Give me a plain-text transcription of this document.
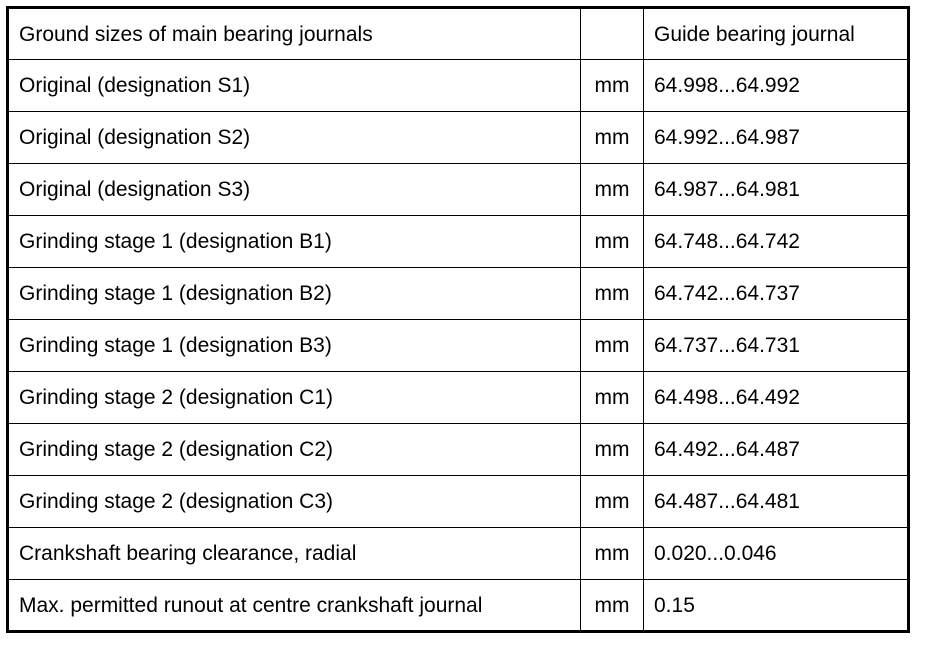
Ground sizes of main bearing journals		Guide bearing journal
Original (designation S1)	mm	64.998...64.992
Original (designation S2)	mm	64.992...64.987
Original (designation S3)	mm	64.987...64.981
Grinding stage 1 (designation B1)	mm	64.748...64.742
Grinding stage 1 (designation B2)	mm	64.742...64.737
Grinding stage 1 (designation B3)	mm	64.737...64.731
Grinding stage 2 (designation C1)	mm	64.498...64.492
Grinding stage 2 (designation C2)	mm	64.492...64.487
Grinding stage 2 (designation C3)	mm	64.487...64.481
Crankshaft bearing clearance, radial	mm	0.020...0.046
Max. permitted runout at centre crankshaft journal	mm	0.15
